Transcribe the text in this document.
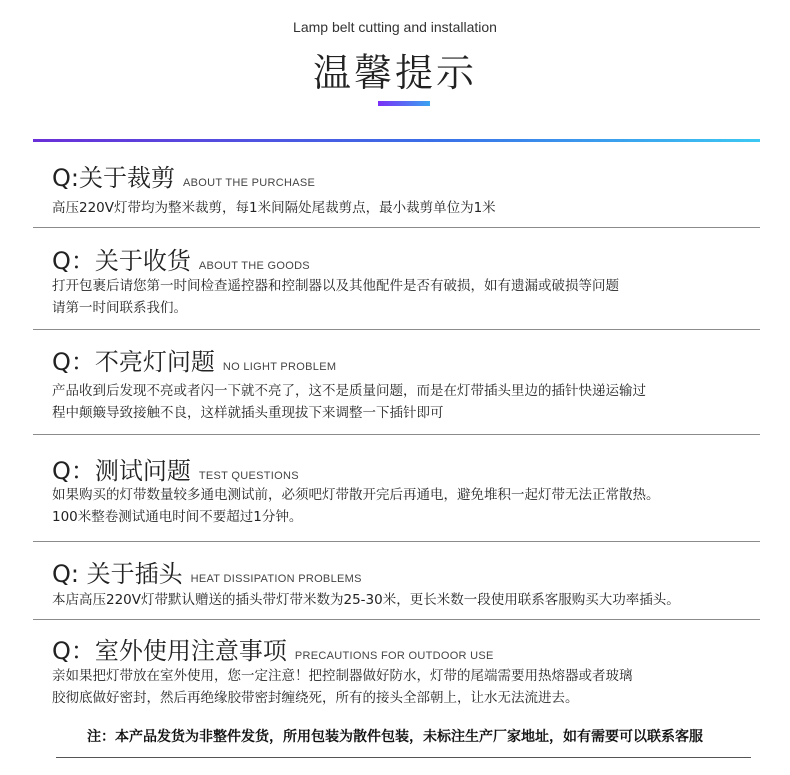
Lamp belt cutting and installation
温馨提示
Q:关于裁剪 ABOUT THE PURCHASE
高压220V灯带均为整米裁剪，每1米间隔处尾裁剪点，最小裁剪单位为1米
Q：关于收货 ABOUT THE GOODS
打开包裹后请您第一时间检查遥控器和控制器以及其他配件是否有破损，如有遗漏或破损等问题
请第一时间联系我们。
Q：不亮灯问题 NO LIGHT PROBLEM
产品收到后发现不亮或者闪一下就不亮了，这不是质量问题，而是在灯带插头里边的插针快递运输过
程中颠簸导致接触不良，这样就插头重现拔下来调整一下插针即可
Q：测试问题 TEST QUESTIONS
如果购买的灯带数量较多通电测试前，必须吧灯带散开完后再通电，避免堆积一起灯带无法正常散热。
100米整卷测试通电时间不要超过1分钟。
Q: 关于插头 HEAT DISSIPATION PROBLEMS
本店高压220V灯带默认赠送的插头带灯带米数为25-30米，更长米数一段使用联系客服购买大功率插头。
Q：室外使用注意事项 PRECAUTIONS FOR OUTDOOR USE
亲如果把灯带放在室外使用，您一定注意！把控制器做好防水，灯带的尾端需要用热熔器或者玻璃
胶彻底做好密封，然后再绝缘胶带密封缠绕死，所有的接头全部朝上，让水无法流进去。
注：本产品发货为非整件发货，所用包装为散件包装，未标注生产厂家地址，如有需要可以联系客服
